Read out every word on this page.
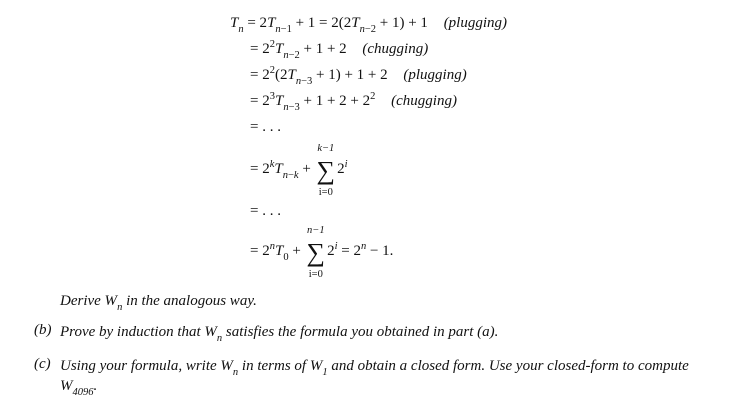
$T_n = 2T_{n-1} + 1 = 2(2T_{n-2} + 1) + 1$ (plugging)
= $2^2T_{n-2} + 1 + 2$ (chugging)
= $2^2(2T_{n-3} + 1) + 1 + 2$ (plugging)
= $2^3T_{n-3} + 1 + 2 + 2^2$ (chugging)
= . . .
= $2^kT_{n-k}$ + ∑
k−1
i=0
$2^i$
= . . .
= $2^nT_0$ + ∑
n−1
i=0
$2^i = 2^n - 1$.
Derive $W_n$ in the analogous way.
(b) Prove by induction that $W_n$ satisfies the formula you obtained in part (a).
(c) Using your formula, write $W_n$ in terms of $W_1$ and obtain a closed form. Use your closed-form to compute
$W_{4096}$.
